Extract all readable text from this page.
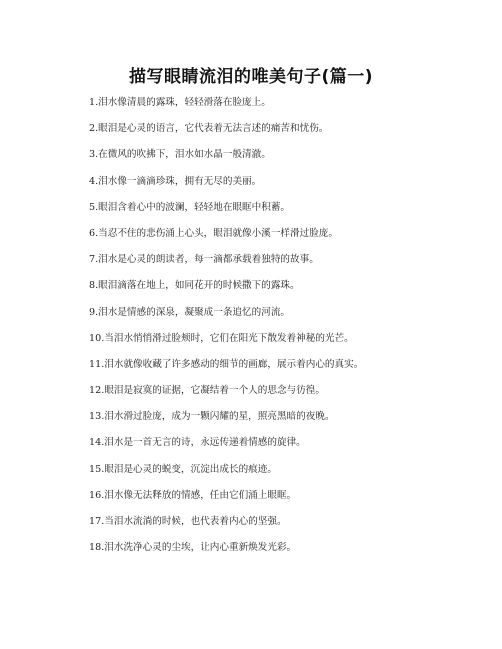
描写眼睛流泪的唯美句子(篇一)
1.泪水像清晨的露珠，轻轻滑落在脸庞上。
2.眼泪是心灵的语言，它代表着无法言述的痛苦和忧伤。
3.在微风的吹拂下，泪水如水晶一般清澈。
4.泪水像一滴滴珍珠，拥有无尽的美丽。
5.眼泪含着心中的波澜，轻轻地在眼眶中积蓄。
6.当忍不住的悲伤涌上心头，眼泪就像小溪一样滑过脸庞。
7.泪水是心灵的朗读者，每一滴都承载着独特的故事。
8.眼泪滴落在地上，如同花开的时候撒下的露珠。
9.泪水是情感的深泉，凝聚成一条追忆的河流。
10.当泪水悄悄滑过脸颊时，它们在阳光下散发着神秘的光芒。
11.泪水就像收藏了许多感动的细节的画廊，展示着内心的真实。
12.眼泪是寂寞的证据，它凝结着一个人的思念与彷徨。
13.泪水滑过脸庞，成为一颗闪耀的星，照亮黑暗的夜晚。
14.泪水是一首无言的诗，永远传递着情感的旋律。
15.眼泪是心灵的蜕变，沉淀出成长的痕迹。
16.泪水像无法释放的情感，任由它们涌上眼眶。
17.当泪水流淌的时候，也代表着内心的坚强。
18.泪水洗净心灵的尘埃，让内心重新焕发光彩。
